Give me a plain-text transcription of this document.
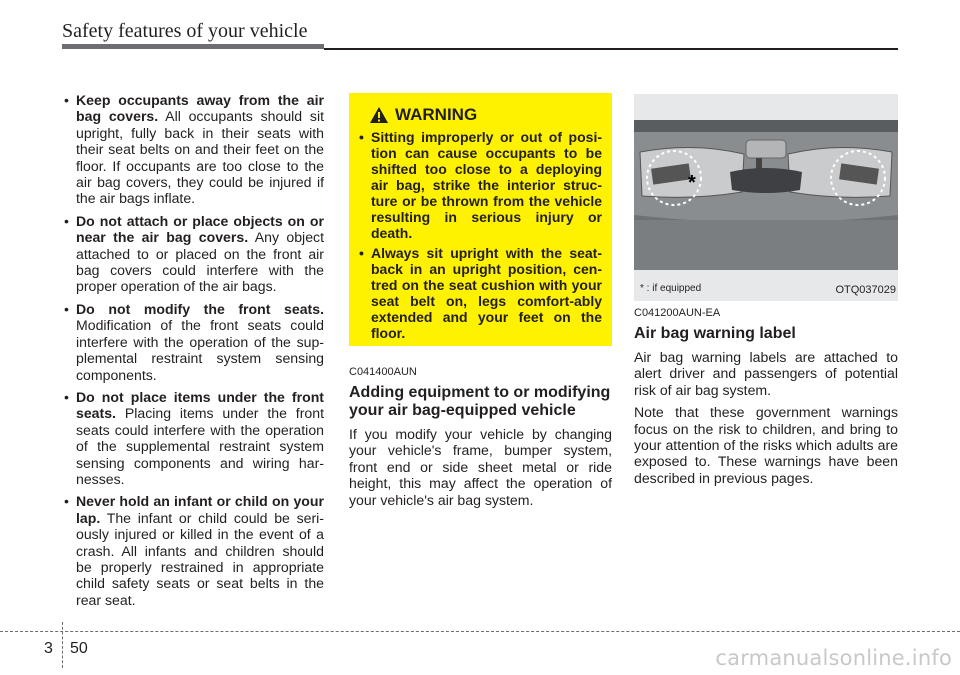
Safety features of your vehicle
• Keep occupants away from the air bag covers. All occupants should sit upright, fully back in their seats with their seat belts on and their feet on the floor. If occupants are too close to the air bag covers, they could be injured if the air bags inflate.
• Do not attach or place objects on or near the air bag covers. Any object attached to or placed on the front air bag covers could interfere with the proper operation of the air bags.
• Do not modify the front seats. Modification of the front seats could interfere with the operation of the sup-plemental restraint system sensing components.
• Do not place items under the front seats. Placing items under the front seats could interfere with the operation of the supplemental restraint system sensing components and wiring har-nesses.
• Never hold an infant or child on your lap. The infant or child could be seri-ously injured or killed in the event of a crash. All infants and children should be properly restrained in appropriate child safety seats or seat belts in the rear seat.
WARNING
• Sitting improperly or out of posi-tion can cause occupants to be shifted too close to a deploying air bag, strike the interior struc-ture or be thrown from the vehicle resulting in serious injury or death.
• Always sit upright with the seat-back in an upright position, cen-tred on the seat cushion with your seat belt on, legs comfort-ably extended and your feet on the floor.
C041400AUN
Adding equipment to or modifying your air bag-equipped vehicle

If you modify your vehicle by changing your vehicle's frame, bumper system, front end or side sheet metal or ride height, this may affect the operation of your vehicle's air bag system.

*
* : if equipped	OTQ037029
C041200AUN-EA
Air bag warning label

Air bag warning labels are attached to alert driver and passengers of potential risk of air bag system.

Note that these government warnings focus on the risk to children, and bring to your attention of the risks which adults are exposed to. These warnings have been described in previous pages.

3 50	carmanualsonline.info
